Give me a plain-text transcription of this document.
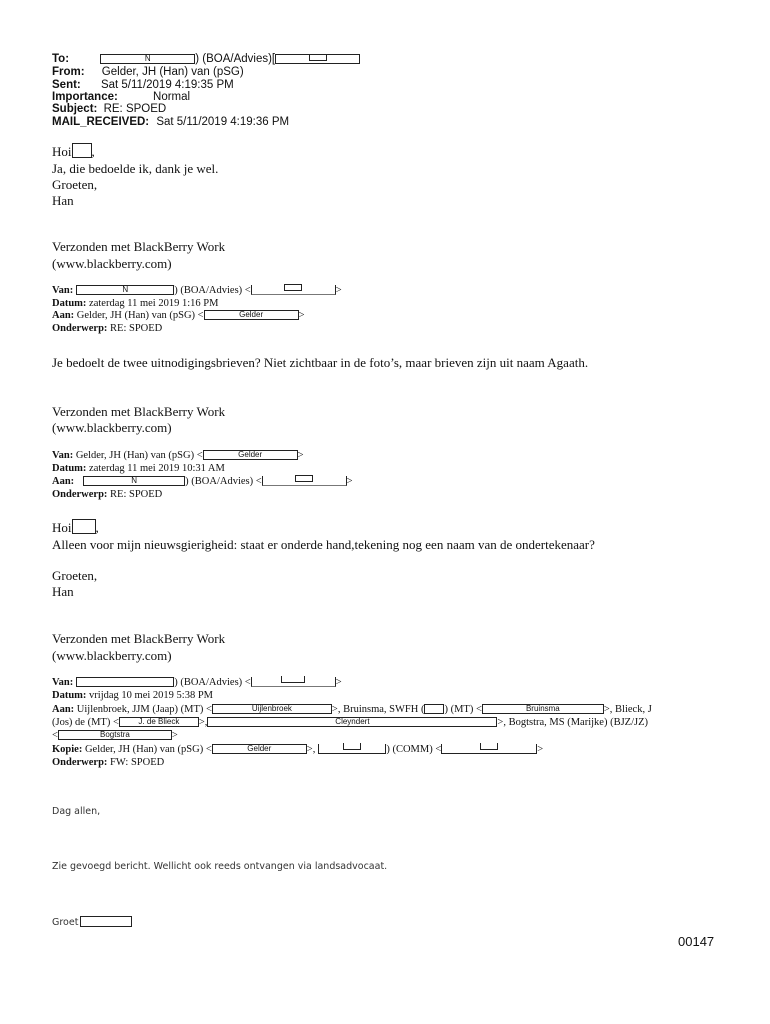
To:	N	) (BOA/Advies)[
From: Gelder, JH (Han) van (pSG)
Sent: Sat 5/11/2019 4:19:35 PM
Importance:	Normal
Subject: RE: SPOED
MAIL_RECEIVED: Sat 5/11/2019 4:19:36 PM
Hoi ,
Ja, die bedoelde ik, dank je wel.
Groeten,
Han
Verzonden met BlackBerry Work
(www.blackberry.com)
Van:	N	) (BOA/Advies) <	>
Datum: zaterdag 11 mei 2019 1:16 PM
Aan: Gelder, JH (Han) van (pSG) <	Gelder	>
Onderwerp: RE: SPOED
Je bedoelt de twee uitnodigingsbrieven? Niet zichtbaar in de foto’s, maar brieven zijn uit naam Agaath.
Verzonden met BlackBerry Work
(www.blackberry.com)
Van: Gelder, JH (Han) van (pSG) <	Gelder	>
Datum: zaterdag 11 mei 2019 10:31 AM
Aan:	N	) (BOA/Advies) <	>
Onderwerp: RE: SPOED
Hoi ,
Alleen voor mijn nieuwsgierigheid: staat er onderde hand,tekening nog een naam van de ondertekenaar?
Groeten,
Han
Verzonden met BlackBerry Work
(www.blackberry.com)
Van:	) (BOA/Advies) <	>
Datum: vrijdag 10 mei 2019 5:38 PM
Aan: Uijlenbroek, JJM (Jaap) (MT) <	Uijlenbroek	>, Bruinsma, SWFH ( ) (MT) <	Bruinsma	>, Blieck, J
(Jos) de (MT) <	J. de Blieck	>,	Cleyndert	>, Bogtstra, MS (Marijke) (BJZ/JZ)
<	Bogtstra	>
Kopie: Gelder, JH (Han) van (pSG) <	Gelder	>,	) (COMM) <	>
Onderwerp: FW: SPOED
Dag allen,
Zie gevoegd bericht. Wellicht ook reeds ontvangen via landsadvocaat.
Groet
00147
